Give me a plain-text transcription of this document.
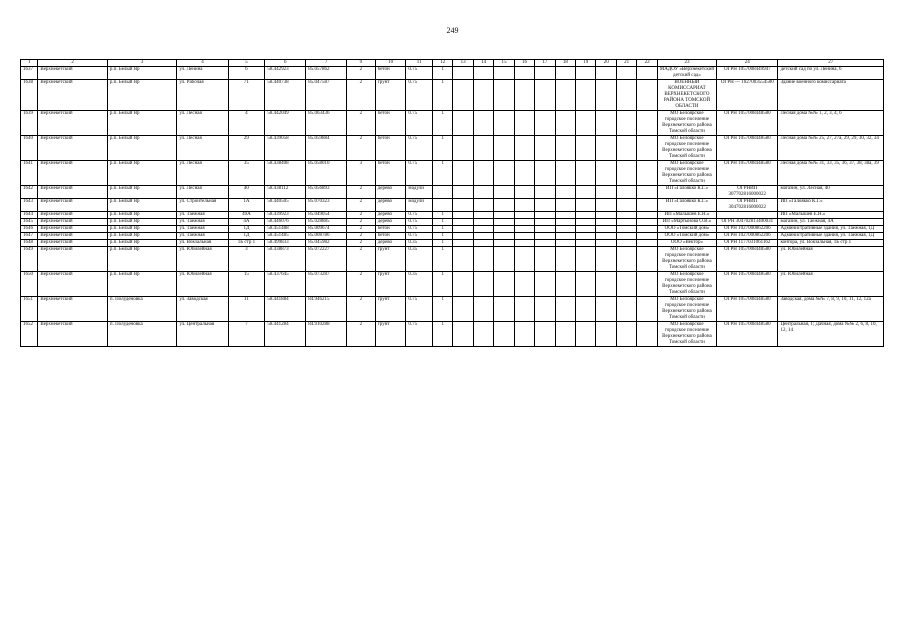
249
1	2	3	4	5	6	7	9	10	11	12	13	14	15	16	17	18	19	20	21	22	23	24	27
1637	Верхнекетский	р.п. Белый Яр	ул. Ленина	6	58.442923	85.057862	2	бетон	0.75	1											МАДОУ «Верхнекетский детский сад»	ОГРН 1057008449947	детский сад по ул. Ленина, 6
1638	Верхнекетский	р.п. Белый Яр	ул. Рабочая	71	58.440738	85.047587	2	грунт	0.75	1											ВОЕННЫЙ КОМИССАРИАТ ВЕРХНЕКЕТСКОГО РАЙОНА ТОМСКОЙ ОБЛАСТИ	ОГРН — 1027003554500	Здание военного комиссариата
1639	Верхнекетский	р.п. Белый Яр	ул. Лесная	4	58.442049	85.063436	2	бетон	0.75	1											МО Белоярское городское поселение Верхнекетского района Томской области	ОГРН 1057008448580	Лесная дома №№ 1, 2, 3, 4, 6
1640	Верхнекетский	р.п. Белый Яр	ул. Лесная	29	58.439058	85.059884	2	бетон	0.75	1											МО Белоярское городское поселение Верхнекетского района Томской области	ОГРН 1057008448580	Лесная дома №№ 25, 27, 27а, 29, 29, 30, 32, 34
1641	Верхнекетский	р.п. Белый Яр	ул. Лесная	35	58.438408	85.058010	3	бетон	0.75	1											МО Белоярское городское поселение Верхнекетского района Томской области	ОГРН 1057008448580	Лесная дома №№ 31, 33, 35, 36, 37, 38, 38а, 39
1642	Верхнекетский	р.п. Белый Яр	ул. Лесная	40	58.438112	85.056893	2	дерево	модули												ИП «Галоякко К.Г.»	ОГРНИП 307702816000022	магазин, ул. Лесная, 40
1643	Верхнекетский	р.п. Белый Яр	ул. Строительная	1А	58.440505	85.070323	2	дерево	модули												ИП «Галоякко К.Г.»	ОГРНИП 304702816000022	ИП «Галоякко К.Г.»
1644	Верхнекетский	р.п. Белый Яр	ул. Таежная	49А	58.439923	85.049054	2	дерево	0.75	1											ИП «Малышев Е.Н.»		ИП «Малышев Е.Н.»
1645	Верхнекетский	р.п. Белый Яр	ул. Таежная	4А	58.446076	85.028885	2	дерево	0.75	1											ИП «Мартынова О.В.»	ОГРН 304702813400031	магазин, ул. Таежная, 4А
1646	Верхнекетский	р.п. Белый Яр	ул. Таежная	1Д	58.451488	85.009674	2	бетон	0.75	1											ООО «Томский дом»	ОГРН 1027000862206	Административные здания, ул. Таежная, 1Д
1647	Верхнекетский	р.п. Белый Яр	ул. Таежная	1Д	58.451485	85.008786	2	бетон	0.75	1											ООО «Томский дом»	ОГРН 1027000862206	Административные здания, ул. Таежная, 1Д
1648	Верхнекетский	р.п. Белый Яр	ул. Вокзальная	1Б стр 1	58.499833	85.045982	2	дерево	0.35	1											ООО «Вектор»	ОГРН 1177031061162	контора, ул. Вокзальная, 1Б стр 1
1649	Верхнекетский	р.п. Белый Яр	ул. Юбилейная	3	58.438873	85.072227	2	грунт	0.35	1											МО Белоярское городское поселение Верхнекетского района Томской области	ОГРН 1057008448580	ул. Юбилейная
1650	Верхнекетский	р.п. Белый Яр	ул. Юбилейная	15	58.437645	85.073287	2	грунт	0.35	1											МО Белоярское городское поселение Верхнекетского района Томской области	ОГРН 1057008448580	ул. Юбилейная
1651	Верхнекетский	п. Полуденовка	ул. Заводская	11	58.441884	84.946215	2	грунт	0.75	1											МО Белоярское городское поселение Верхнекетского района Томской области	ОГРН 1057008448580	Заводская, дома №№ 7, 8, 9, 10, 11, 12, 12а
1652	Верхнекетский	п. Полуденовка	ул. Центральная	7	58.441284	84.910288	2	грунт	0.75	1											МО Белоярское городское поселение Верхнекетского района Томской области	ОГРН 1057008448580	Центральная, 1; Дачная, дома №№ 2, 6, 8, 10, 12, 14
